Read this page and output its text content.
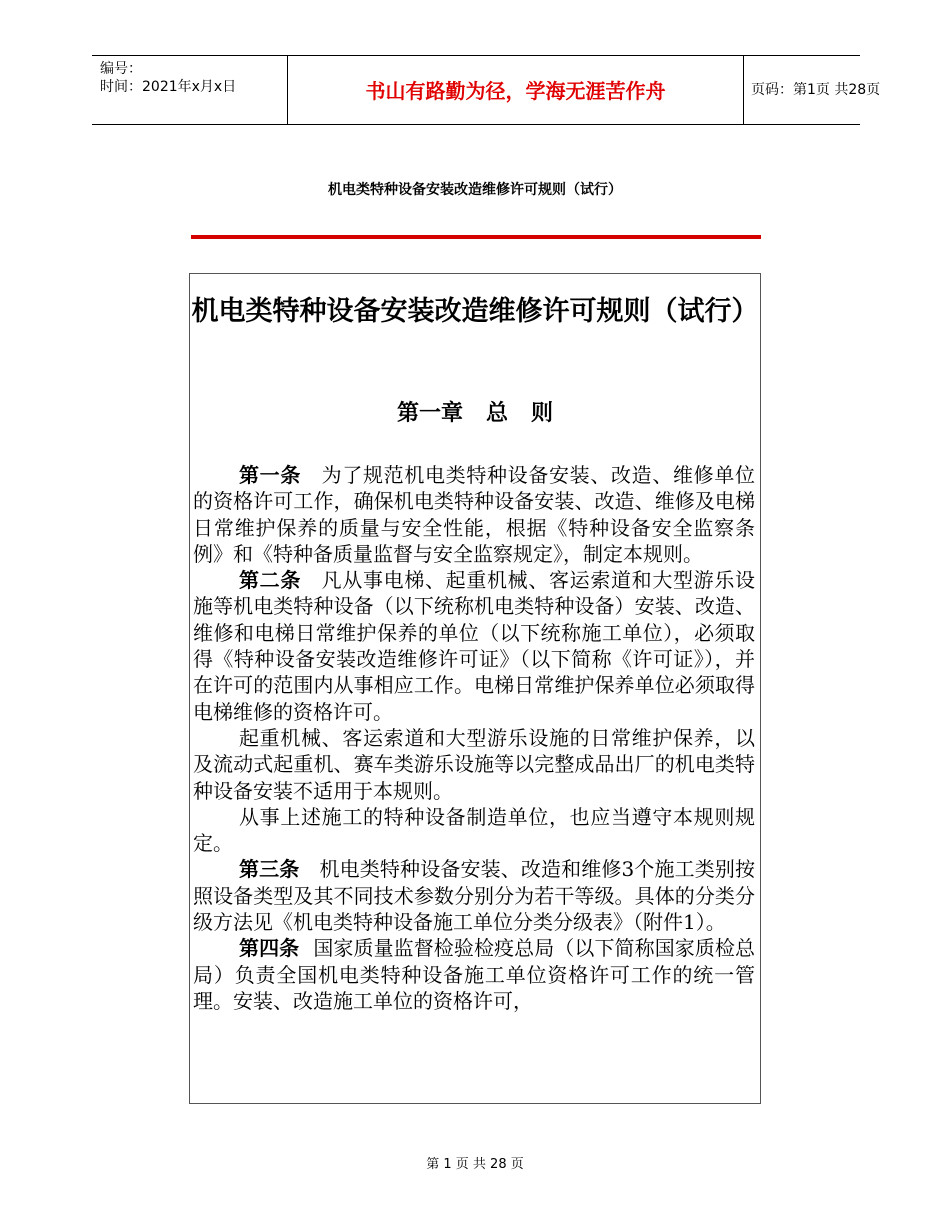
编号：
时间：2021年x月x日	书山有路勤为径，学海无涯苦作舟	页码：第1页 共28页
机电类特种设备安装改造维修许可规则（试行）
机电类特种设备安装改造维修许可规则（试行）
第一章   总   则

第一条 为了规范机电类特种设备安装、改造、维修单位的资格许可工作，确保机电类特种设备安装、改造、维修及电梯日常维护保养的质量与安全性能，根据《特种设备安全监察条例》和《特种备质量监督与安全监察规定》，制定本规则。

第二条 凡从事电梯、起重机械、客运索道和大型游乐设施等机电类特种设备（以下统称机电类特种设备）安装、改造、维修和电梯日常维护保养的单位（以下统称施工单位），必须取得《特种设备安装改造维修许可证》（以下简称《许可证》），并在许可的范围内从事相应工作。电梯日常维护保养单位必须取得电梯维修的资格许可。

起重机械、客运索道和大型游乐设施的日常维护保养，以及流动式起重机、赛车类游乐设施等以完整成品出厂的机电类特种设备安装不适用于本规则。

从事上述施工的特种设备制造单位，也应当遵守本规则规定。

第三条 机电类特种设备安装、改造和维修3个施工类别按照设备类型及其不同技术参数分别分为若干等级。具体的分类分级方法见《机电类特种设备施工单位分类分级表》（附件1）。

第四条 国家质量监督检验检疫总局（以下简称国家质检总局）负责全国机电类特种设备施工单位资格许可工作的统一管理。安装、改造施工单位的资格许可，

第 1 页 共 28 页
